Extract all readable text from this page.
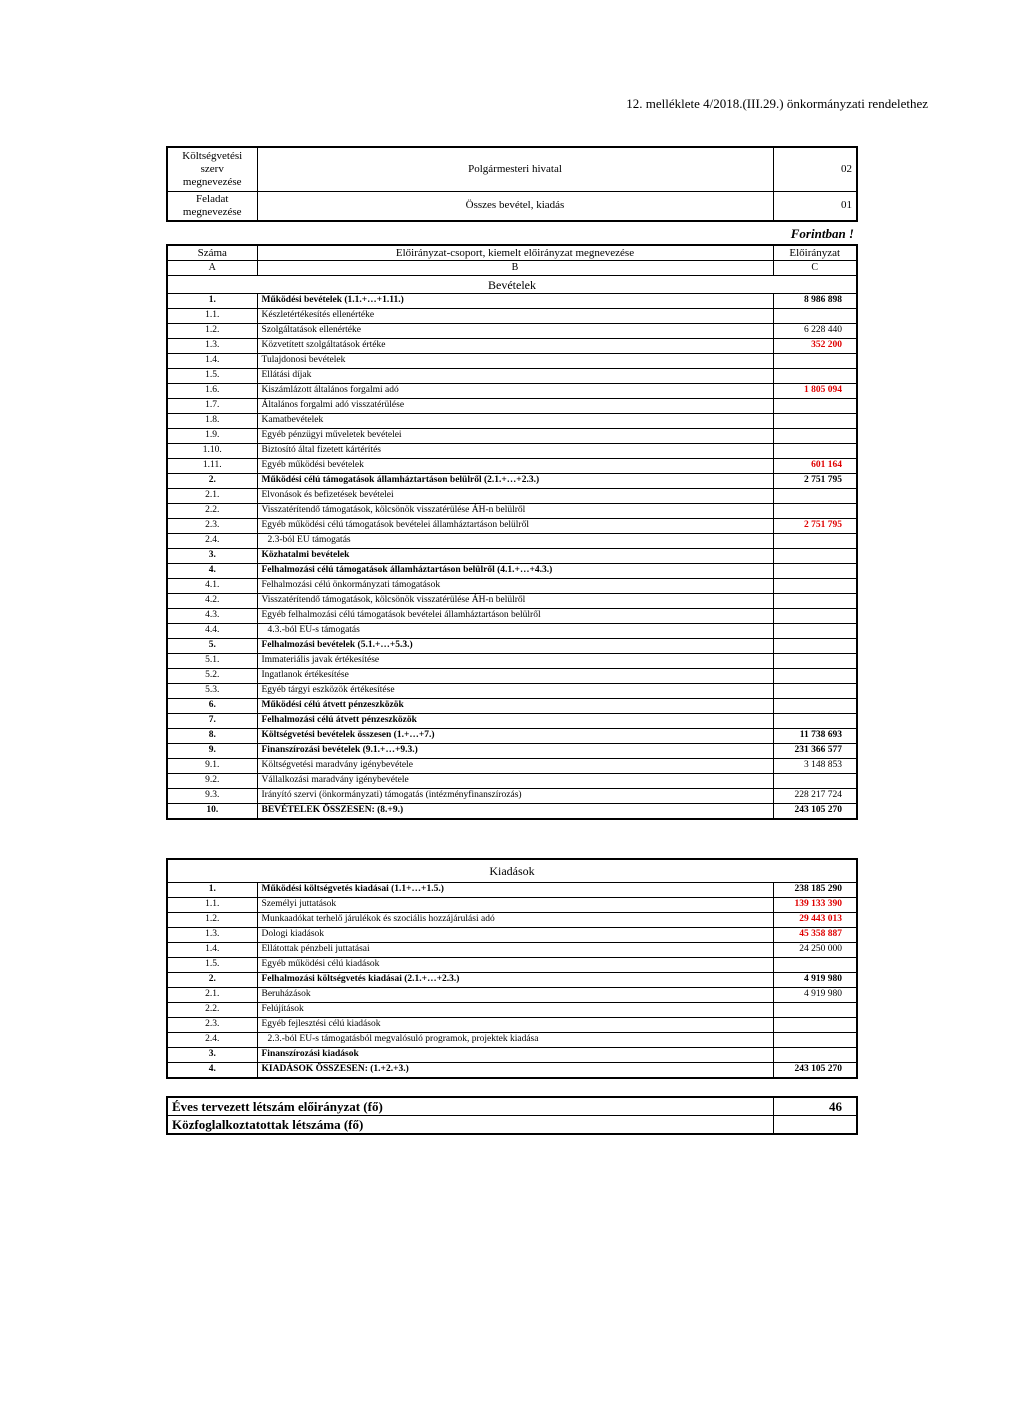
12. melléklete 4/2018.(III.29.) önkormányzati rendelethez
Költségvetési szerv megnevezése	Polgármesteri hivatal	02
Feladat megnevezése	Összes bevétel, kiadás	01
Forintban !
Száma	Előirányzat-csoport, kiemelt előirányzat megnevezése	Előirányzat
A	B	C
Bevételek		
1.	Működési bevételek (1.1.+…+1.11.)	8 986 898
1.1.	Készletértékesítés ellenértéke	
1.2.	Szolgáltatások ellenértéke	6 228 440
1.3.	Közvetített szolgáltatások értéke	352 200
1.4.	Tulajdonosi bevételek	
1.5.	Ellátási díjak	
1.6.	Kiszámlázott általános forgalmi adó	1 805 094
1.7.	Általános forgalmi adó visszatérülése	
1.8.	Kamatbevételek	
1.9.	Egyéb pénzügyi műveletek bevételei	
1.10.	Biztosító által fizetett kártérítés	
1.11.	Egyéb működési bevételek	601 164
2.	Működési célú támogatások államháztartáson belülről (2.1.+…+2.3.)	2 751 795
2.1.	Elvonások és befizetések bevételei	
2.2.	Visszatérítendő támogatások, kölcsönök visszatérülése ÁH-n belülről	
2.3.	Egyéb működési célú támogatások bevételei államháztartáson belülről	2 751 795
2.4.	2.3-ból EU támogatás	
3.	Közhatalmi bevételek	
4.	Felhalmozási célú támogatások államháztartáson belülről (4.1.+…+4.3.)	
4.1.	Felhalmozási célú önkormányzati támogatások	
4.2.	Visszatérítendő támogatások, kölcsönök visszatérülése ÁH-n belülről	
4.3.	Egyéb felhalmozási célú támogatások bevételei államháztartáson belülről	
4.4.	4.3.-ból EU-s támogatás	
5.	Felhalmozási bevételek (5.1.+…+5.3.)	
5.1.	Immateriális javak értékesítése	
5.2.	Ingatlanok értékesítése	
5.3.	Egyéb tárgyi eszközök értékesítése	
6.	Működési célú átvett pénzeszközök	
7.	Felhalmozási célú átvett pénzeszközök	
8.	Költségvetési bevételek összesen (1.+…+7.)	11 738 693
9.	Finanszírozási bevételek (9.1.+…+9.3.)	231 366 577
9.1.	Költségvetési maradvány igénybevétele	3 148 853
9.2.	Vállalkozási maradvány igénybevétele	
9.3.	Irányító szervi (önkormányzati) támogatás (intézményfinanszírozás)	228 217 724
10.	BEVÉTELEK ÖSSZESEN: (8.+9.)	243 105 270
Kiadások		
1.	Működési költségvetés kiadásai (1.1+…+1.5.)	238 185 290
1.1.	Személyi juttatások	139 133 390
1.2.	Munkaadókat terhelő járulékok és szociális hozzájárulási adó	29 443 013
1.3.	Dologi kiadások	45 358 887
1.4.	Ellátottak pénzbeli juttatásai	24 250 000
1.5.	Egyéb működési célú kiadások	
2.	Felhalmozási költségvetés kiadásai (2.1.+…+2.3.)	4 919 980
2.1.	Beruházások	4 919 980
2.2.	Felújítások	
2.3.	Egyéb fejlesztési célú kiadások	
2.4.	2.3.-ból EU-s támogatásból megvalósuló programok, projektek kiadása	
3.	Finanszírozási kiadások	
4.	KIADÁSOK ÖSSZESEN: (1.+2.+3.)	243 105 270
Éves tervezett létszám előirányzat (fő)	46
Közfoglalkoztatottak létszáma (fő)	
